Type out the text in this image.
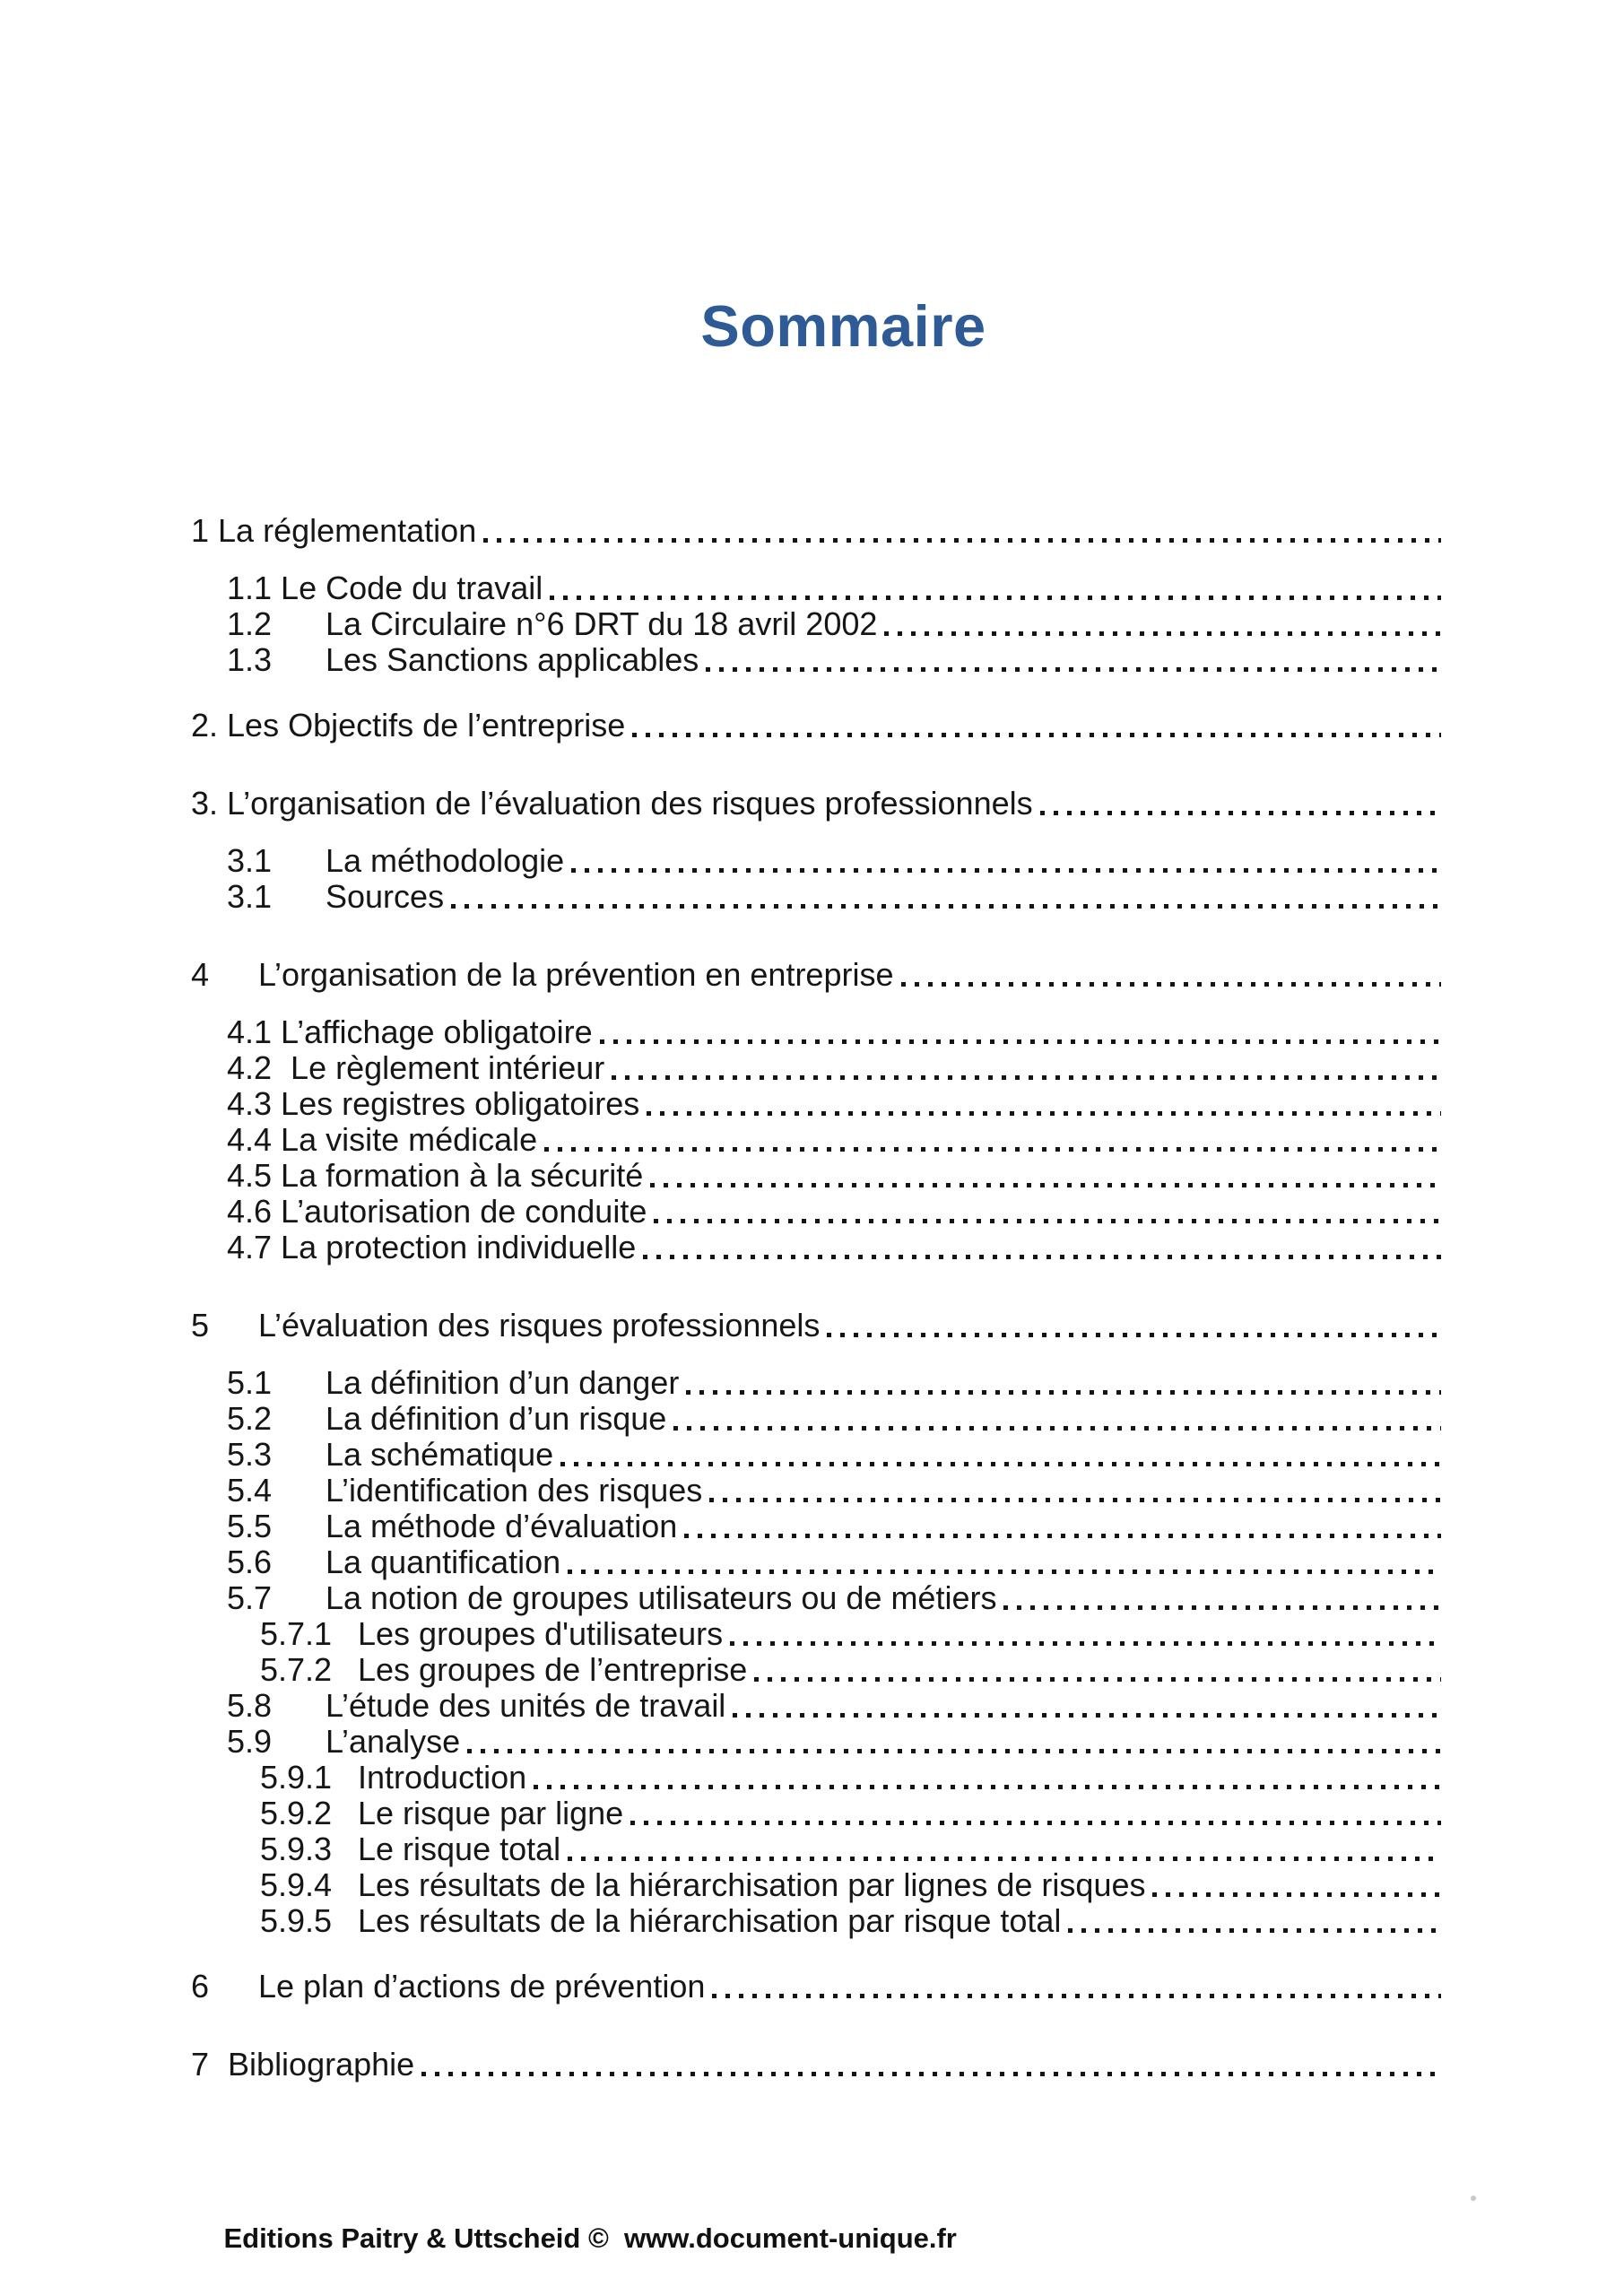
Sommaire
1 La réglementation
1.1 Le Code du travail
1.2	La Circulaire n°6 DRT du 18 avril 2002
1.3	Les Sanctions applicables
2. Les Objectifs de l’entreprise
3. L’organisation de l’évaluation des risques professionnels
3.1	La méthodologie
3.1	Sources
4	L’organisation de la prévention en entreprise
4.1 L’affichage obligatoire
4.2 Le règlement intérieur
4.3 Les registres obligatoires
4.4 La visite médicale
4.5 La formation à la sécurité
4.6 L’autorisation de conduite
4.7 La protection individuelle
5	L’évaluation des risques professionnels
5.1	La définition d’un danger
5.2	La définition d’un risque
5.3	La schématique
5.4	L’identification des risques
5.5	La méthode d’évaluation
5.6	La quantification
5.7	La notion de groupes utilisateurs ou de métiers
5.7.1 Les groupes d'utilisateurs
5.7.2 Les groupes de l’entreprise
5.8	L’étude des unités de travail
5.9	L’analyse
5.9.1 Introduction
5.9.2 Le risque par ligne
5.9.3 Le risque total
5.9.4 Les résultats de la hiérarchisation par lignes de risques
5.9.5 Les résultats de la hiérarchisation par risque total
6	Le plan d’actions de prévention
7 Bibliographie

Editions Paitry & Uttscheid ©  www.document-unique.fr
